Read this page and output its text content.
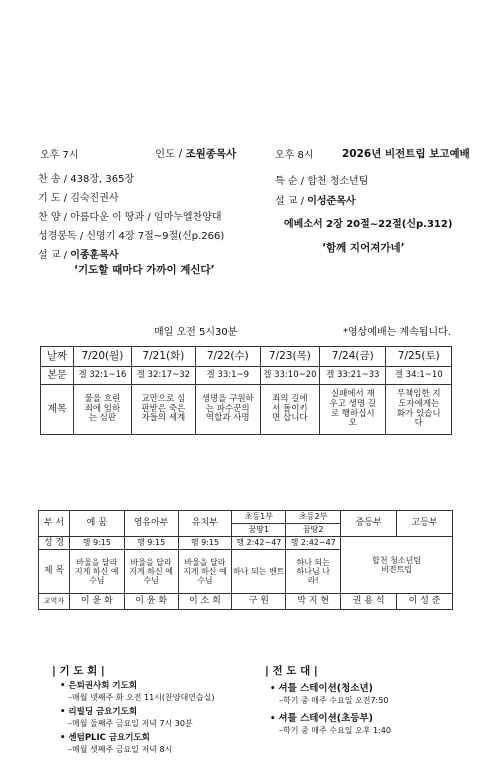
오후 7시	인도 / 조원종목사
찬 송 / 438장, 365장
기 도 / 김숙진권사
찬 양 / 아름다운 이 땅과 / 임마누엘찬양대
성경봉독 / 신명기 4장 7절~9절(신p.266)
설 교 / 이종훈목사
‘기도할 때마다 가까이 계신다’
오후 8시	2026년 비전트립 보고예배
특 순 / 합천 청소년팀
설 교 / 이성준목사
에베소서 2장 20절~22절(신p.312)
‘함께 지어져가네’
매일 오전 5시30분	*영상예배는 계속됩니다.
날짜	7/20(월)	7/21(화)	7/22(수)	7/23(목)	7/24(금)	7/25(토)
본문	겔 32:1~16	겔 32:17~32	겔 33:1~9	겔 33:10~20	겔 33:21~33	겔 34:1~10
제목	물을 흐린 죄에 임하는 심판	교만으로 심판받은 죽은 자들의 세계	생명을 구원하는 파수꾼의 역할과 사명	죄의 길에서 돌이키면 삽니다	실패에서 재우고 생명 길로 행하십시오	무책임한 지도자에게는 화가 있습니다
부 서	예 꿈	영유아부	유치부	초등1부	초등2부	중등부	고등부
				꿈땅1	꿈땅2		
성 경	행 9:15	행 9:15	행 9:15	행 2:42~47	행 2:42~47	합천 청소년팀 비전트립	
제 목	바울을 달라지게 하신 예수님	바울을 달라지게 하신 예수님	바울을 달라지게 하신 예수님	하나 되는 밴트	하나 되는 하나님 나라!		
교역자	이 윤 화	이 윤 화	이 소 희	구 원	박 지 현	권 용 석	이 성 준
| 기 도 회 |
• 은퇴권사회 기도회
–매월 넷째주 화 오전 11시(찬양대연습실)
• 리빌딩 금요기도회
–매월 둘째주 금요일 저녁 7시 30분
• 센텀PLIC 금요기도회
–매월 셋째주 금요일 저녁 8시
| 전 도 대 |
• 셔틀 스테이션(청소년)
–학기 중 매주 수요일 오전7:50
• 셔틀 스테이션(초등부)
–학기 중 매주 수요일 오후 1:40
